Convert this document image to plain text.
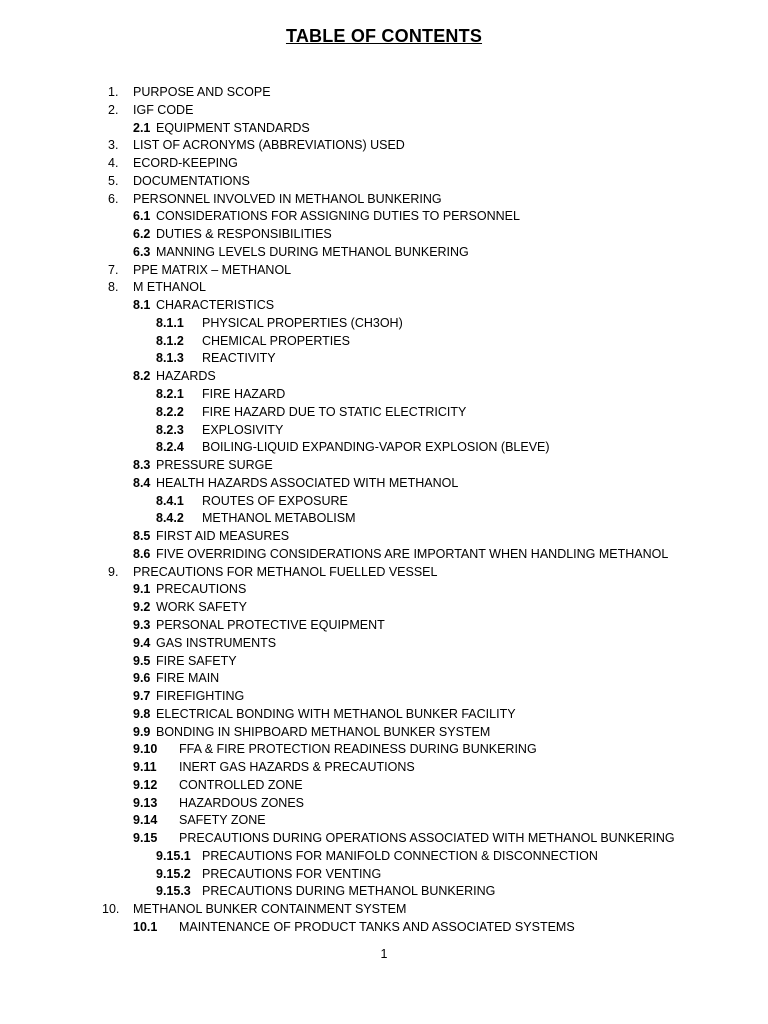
TABLE OF CONTENTS
1. PURPOSE AND SCOPE
2. IGF CODE
2.1 EQUIPMENT STANDARDS
3. LIST OF ACRONYMS (ABBREVIATIONS) USED
4. ECORD-KEEPING
5. DOCUMENTATIONS
6. PERSONNEL INVOLVED IN METHANOL BUNKERING
6.1 CONSIDERATIONS FOR ASSIGNING DUTIES TO PERSONNEL
6.2 DUTIES & RESPONSIBILITIES
6.3 MANNING LEVELS DURING METHANOL BUNKERING
7. PPE MATRIX – METHANOL
8. M ETHANOL
8.1 CHARACTERISTICS
8.1.1 PHYSICAL PROPERTIES (CH3OH)
8.1.2 CHEMICAL PROPERTIES
8.1.3 REACTIVITY
8.2 HAZARDS
8.2.1 FIRE HAZARD
8.2.2 FIRE HAZARD DUE TO STATIC ELECTRICITY
8.2.3 EXPLOSIVITY
8.2.4 BOILING-LIQUID EXPANDING-VAPOR EXPLOSION (BLEVE)
8.3 PRESSURE SURGE
8.4 HEALTH HAZARDS ASSOCIATED WITH METHANOL
8.4.1 ROUTES OF EXPOSURE
8.4.2 METHANOL METABOLISM
8.5 FIRST AID MEASURES
8.6 FIVE OVERRIDING CONSIDERATIONS ARE IMPORTANT WHEN HANDLING METHANOL
9. PRECAUTIONS FOR METHANOL FUELLED VESSEL
9.1 PRECAUTIONS
9.2 WORK SAFETY
9.3 PERSONAL PROTECTIVE EQUIPMENT
9.4 GAS INSTRUMENTS
9.5 FIRE SAFETY
9.6 FIRE MAIN
9.7 FIREFIGHTING
9.8 ELECTRICAL BONDING WITH METHANOL BUNKER FACILITY
9.9 BONDING IN SHIPBOARD METHANOL BUNKER SYSTEM
9.10 FFA & FIRE PROTECTION READINESS DURING BUNKERING
9.11 INERT GAS HAZARDS & PRECAUTIONS
9.12 CONTROLLED ZONE
9.13 HAZARDOUS ZONES
9.14 SAFETY ZONE
9.15 PRECAUTIONS DURING OPERATIONS ASSOCIATED WITH METHANOL BUNKERING
9.15.1 PRECAUTIONS FOR MANIFOLD CONNECTION & DISCONNECTION
9.15.2 PRECAUTIONS FOR VENTING
9.15.3 PRECAUTIONS DURING METHANOL BUNKERING
10. METHANOL BUNKER CONTAINMENT SYSTEM
10.1 MAINTENANCE OF PRODUCT TANKS AND ASSOCIATED SYSTEMS
1
